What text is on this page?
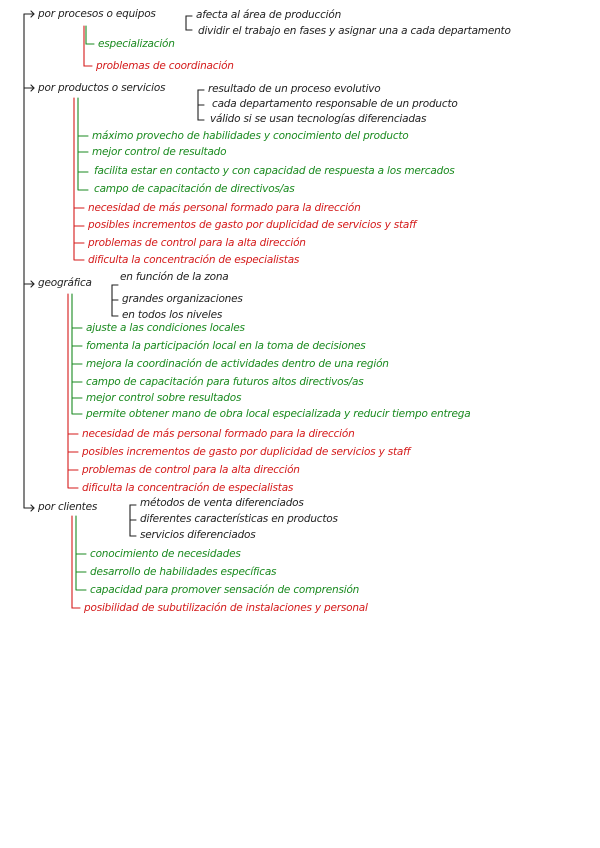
por procesos o equipos	afecta al área de producción
dividir el trabajo en fases y asignar una a cada departamento
especialización
problemas de coordinación
por productos o servicios	resultado de un proceso evolutivo
cada departamento responsable de un producto
válido si se usan tecnologías diferenciadas
máximo provecho de habilidades y conocimiento del producto
mejor control de resultado
facilita estar en contacto y con capacidad de respuesta a los mercados
campo de capacitación de directivos/as
necesidad de más personal formado para la dirección
posibles incrementos de gasto por duplicidad de servicios y staff
problemas de control para la alta dirección
dificulta la concentración de especialistas
geográfica	en función de la zona
grandes organizaciones
en todos los niveles
ajuste a las condiciones locales
fomenta la participación local en la toma de decisiones
mejora la coordinación de actividades dentro de una región
campo de capacitación para futuros altos directivos/as
mejor control sobre resultados
permite obtener mano de obra local especializada y reducir tiempo entrega
necesidad de más personal formado para la dirección
posibles incrementos de gasto por duplicidad de servicios y staff
problemas de control para la alta dirección
dificulta la concentración de especialistas
por clientes	métodos de venta diferenciados
diferentes características en productos
servicios diferenciados
conocimiento de necesidades
desarrollo de habilidades específicas
capacidad para promover sensación de comprensión
posibilidad de subutilización de instalaciones y personal
